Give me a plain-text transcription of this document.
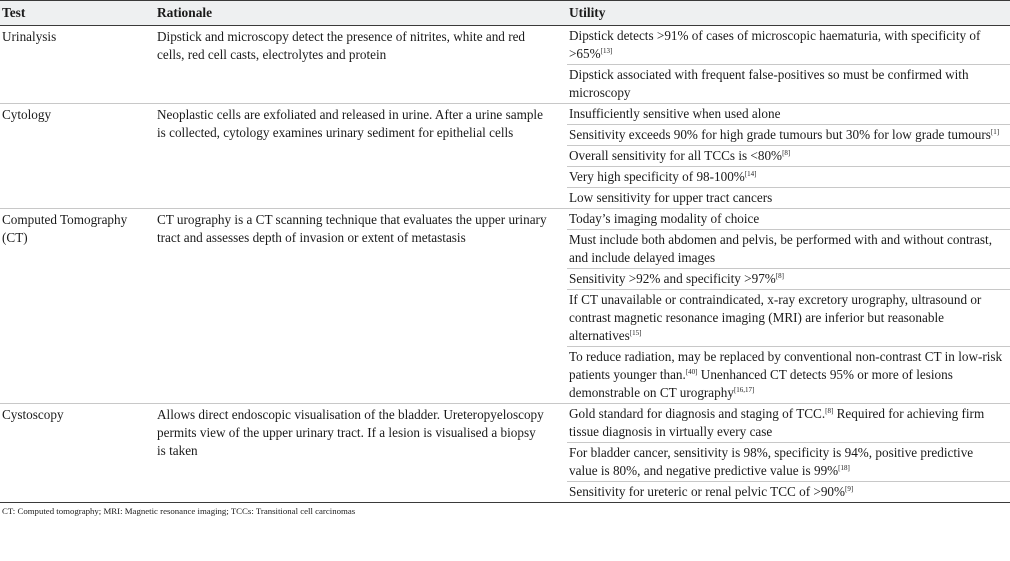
Test	Rationale	Utility
Urinalysis	Dipstick and microscopy detect the presence of nitrites, white and red cells, red cell casts, electrolytes and protein	Dipstick detects >91% of cases of microscopic haematuria, with specificity of >65%[13]
Dipstick associated with frequent false-positives so must be confirmed with microscopy

Cytology	Neoplastic cells are exfoliated and released in urine. After a urine sample is collected, cytology examines urinary sediment for epithelial cells	Insufficiently sensitive when used alone
Sensitivity exceeds 90% for high grade tumours but 30% for low grade tumours[1]
Overall sensitivity for all TCCs is <80%[8]
Very high specificity of 98-100%[14]
Low sensitivity for upper tract cancers

Computed Tomography (CT)	CT urography is a CT scanning technique that evaluates the upper urinary tract and assesses depth of invasion or extent of metastasis	Today’s imaging modality of choice
Must include both abdomen and pelvis, be performed with and without contrast, and include delayed images
Sensitivity >92% and specificity >97%[8]
If CT unavailable or contraindicated, x-ray excretory urography, ultrasound or contrast magnetic resonance imaging (MRI) are inferior but reasonable alternatives[15]
To reduce radiation, may be replaced by conventional non-contrast CT in low-risk patients younger than.[40] Unenhanced CT detects 95% or more of lesions demonstrable on CT urography[16,17]

Cystoscopy	Allows direct endoscopic visualisation of the bladder. Ureteropyeloscopy permits view of the upper urinary tract. If a lesion is visualised a biopsy is taken	Gold standard for diagnosis and staging of TCC.[8] Required for achieving firm tissue diagnosis in virtually every case
For bladder cancer, sensitivity is 98%, specificity is 94%, positive predictive value is 80%, and negative predictive value is 99%[18]
Sensitivity for ureteric or renal pelvic TCC of >90%[9]
CT: Computed tomography; MRI: Magnetic resonance imaging; TCCs: Transitional cell carcinomas
